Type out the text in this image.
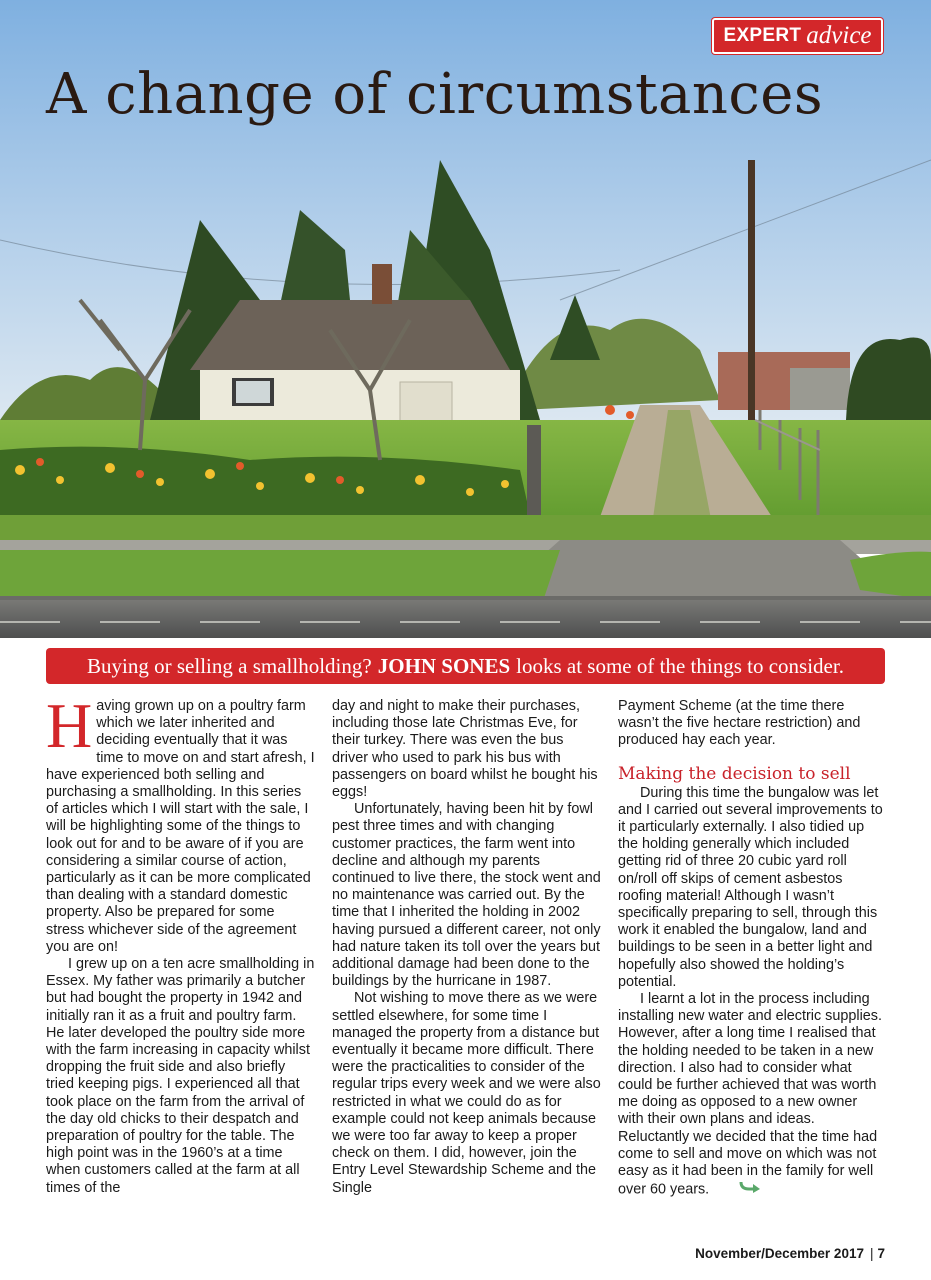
EXPERT advice
A change of circumstances
Buying or selling a smallholding? JOHN SONES looks at some of the things to consider.

Having grown up on a poultry farm which we later inherited and deciding eventually that it was time to move on and start afresh, I have experienced both selling and purchasing a smallholding. In this series of articles which I will start with the sale, I will be highlighting some of the things to look out for and to be aware of if you are considering a similar course of action, particularly as it can be more complicated than dealing with a standard domestic property. Also be prepared for some stress whichever side of the agreement you are on!

I grew up on a ten acre smallholding in Essex. My father was primarily a butcher but had bought the property in 1942 and initially ran it as a fruit and poultry farm. He later developed the poultry side more with the farm increasing in capacity whilst dropping the fruit side and also briefly tried keeping pigs. I experienced all that took place on the farm from the arrival of the day old chicks to their despatch and preparation of poultry for the table. The high point was in the 1960’s at a time when customers called at the farm at all times of the

day and night to make their purchases, including those late Christmas Eve, for their turkey. There was even the bus driver who used to park his bus with passengers on board whilst he bought his eggs!

Unfortunately, having been hit by fowl pest three times and with changing customer practices, the farm went into decline and although my parents continued to live there, the stock went and no maintenance was carried out. By the time that I inherited the holding in 2002 having pursued a different career, not only had nature taken its toll over the years but additional damage had been done to the buildings by the hurricane in 1987.

Not wishing to move there as we were settled elsewhere, for some time I managed the property from a distance but eventually it became more difficult. There were the practicalities to consider of the regular trips every week and we were also restricted in what we could do as for example could not keep animals because we were too far away to keep a proper check on them. I did, however, join the Entry Level Stewardship Scheme and the Single

Payment Scheme (at the time there wasn’t the five hectare restriction) and produced hay each year.

Making the decision to sell

During this time the bungalow was let and I carried out several improvements to it particularly externally. I also tidied up the holding generally which included getting rid of three 20 cubic yard roll on/roll off skips of cement asbestos roofing material! Although I wasn’t specifically preparing to sell, through this work it enabled the bungalow, land and buildings to be seen in a better light and hopefully also showed the holding’s potential.

I learnt a lot in the process including installing new water and electric supplies. However, after a long time I realised that the holding needed to be taken in a new direction. I also had to consider what could be further achieved that was worth me doing as opposed to a new owner with their own plans and ideas. Reluctantly we decided that the time had come to sell and move on which was not easy as it had been in the family for well over 60 years.

November/December 2017 | 7
